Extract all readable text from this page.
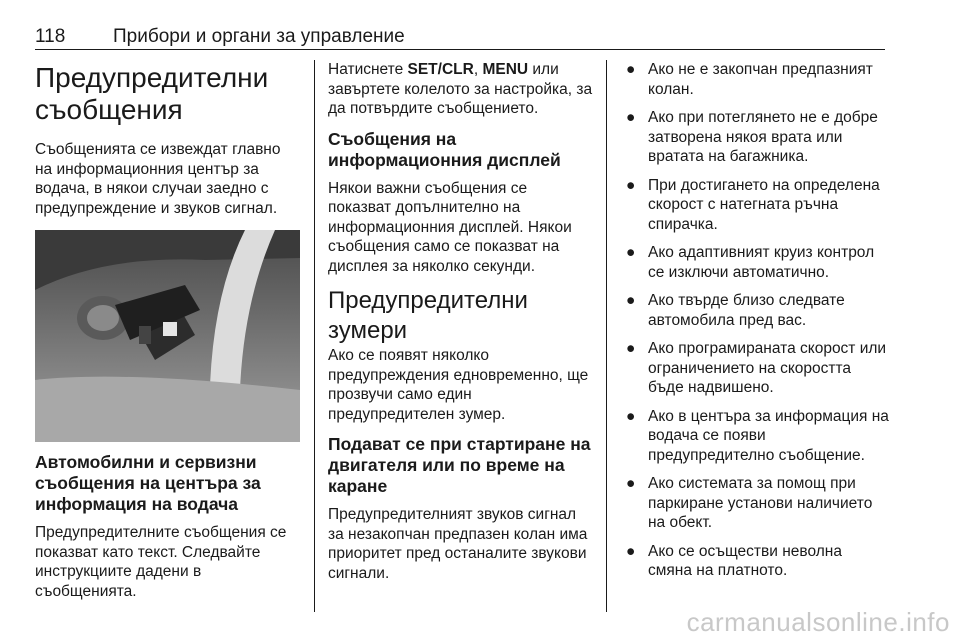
118	Прибори и органи за управление
Предупредителни съобщения

Съобщенията се извеждат главно на информационния център за водача, в някои случаи заедно с предупреждение и звуков сигнал.

Автомобилни и сервизни съобщения на центъра за информация на водача

Предупредителните съобщения се показват като текст. Следвайте инструкциите дадени в съобщенията.

Натиснете SET/CLR, MENU или завъртете колелото за настройка, за да потвърдите съобщението.

Съобщения на информационния дисплей

Някои важни съобщения се показват допълнително на информационния дисплей. Някои съобщения само се показват на дисплея за няколко секунди.

Предупредителни зумери

Ако се появят няколко предупреждения едновременно, ще прозвучи само един предупредителен зумер.

Подават се при стартиране на двигателя или по време на каране

Предупредителният звуков сигнал за незакопчан предпазен колан има приоритет пред останалите звукови сигнали.

● Ако не е закопчан предпазният колан.
● Ако при потеглянето не е добре затворена някоя врата или вратата на багажника.
● При достигането на определена скорост с натегната ръчна спирачка.
● Ако адаптивният круиз контрол се изключи автоматично.
● Ако твърде близо следвате автомобила пред вас.
● Ако програмираната скорост или ограничението на скоростта бъде надвишено.
● Ако в центъра за информация на водача се появи предупредително съобщение.
● Ако системата за помощ при паркиране установи наличието на обект.
● Ако се осъществи неволна смяна на платното.
carmanualsonline.info
